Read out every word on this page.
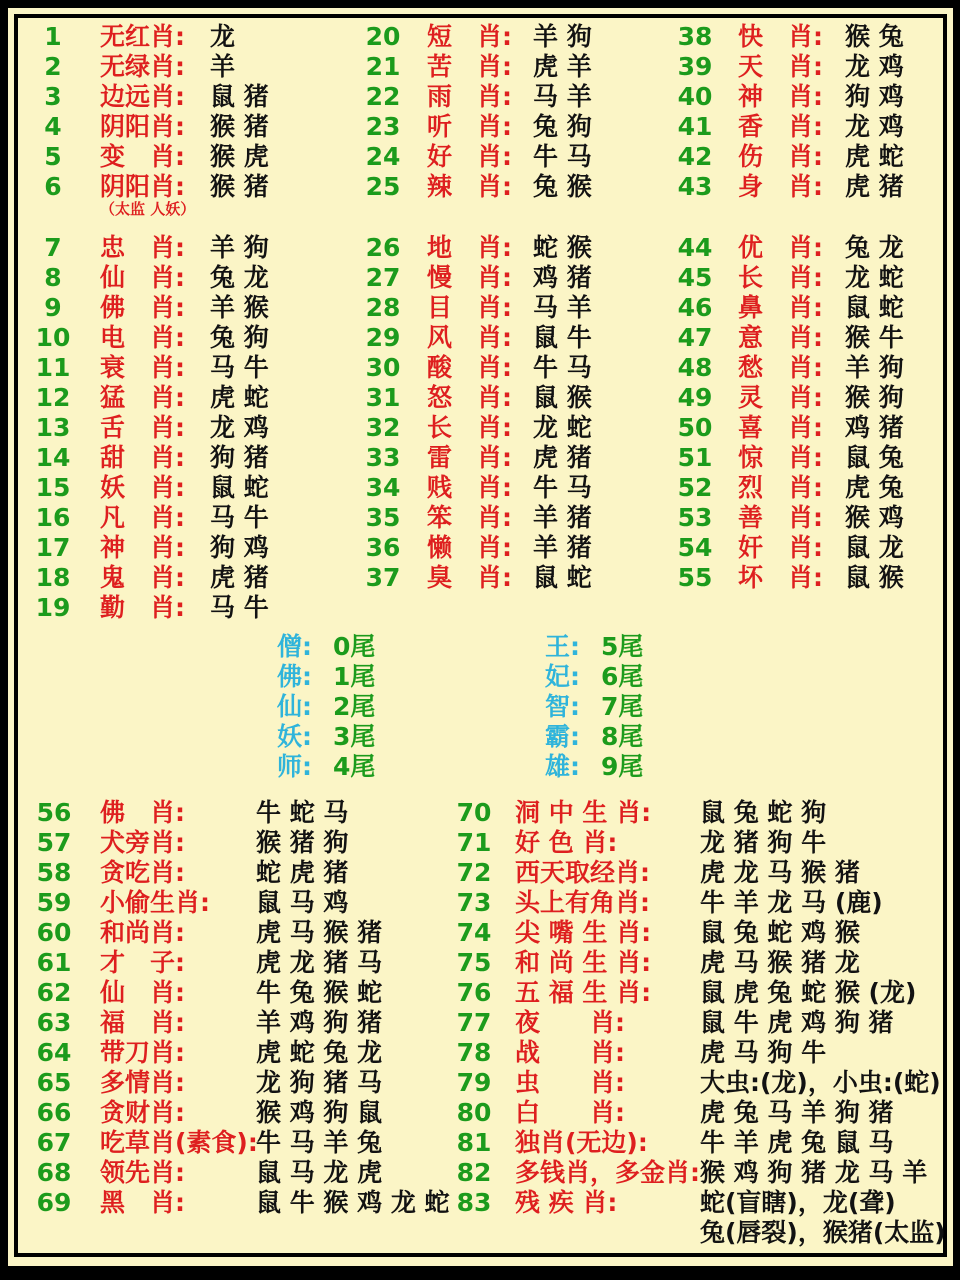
1	无红肖: 龙
2	无绿肖: 羊
3	边远肖: 鼠 猪
4	阴阳肖: 猴 猪
5	变　肖: 猴 虎
6	阴阳肖: 猴 猪
（太监 人妖）
7	忠　肖: 羊 狗
8	仙　肖: 兔 龙
9	佛　肖: 羊 猴
10 电　肖: 兔 狗
11 衰　肖: 马 牛
12 猛　肖: 虎 蛇
13 舌　肖: 龙 鸡
14 甜　肖: 狗 猪
15 妖　肖: 鼠 蛇
16 凡　肖: 马 牛
17 神　肖: 狗 鸡
18 鬼　肖: 虎 猪
19 勤　肖: 马 牛
20 短　肖: 羊 狗
21 苦　肖: 虎 羊
22 雨　肖: 马 羊
23 听　肖: 兔 狗
24 好　肖: 牛 马
25 辣　肖: 兔 猴
26 地　肖: 蛇 猴
27 慢　肖: 鸡 猪
28 目　肖: 马 羊
29 风　肖: 鼠 牛
30 酸　肖: 牛 马
31 怒　肖: 鼠 猴
32 长　肖: 龙 蛇
33 雷　肖: 虎 猪
34 贱　肖: 牛 马
35 笨　肖: 羊 猪
36 懒　肖: 羊 猪
37 臭　肖: 鼠 蛇
38 快　肖: 猴 兔
39 天　肖: 龙 鸡
40 神　肖: 狗 鸡
41 香　肖: 龙 鸡
42 伤　肖: 虎 蛇
43 身　肖: 虎 猪
44 优　肖: 兔 龙
45 长　肖: 龙 蛇
46 鼻　肖: 鼠 蛇
47 意　肖: 猴 牛
48 愁　肖: 羊 狗
49 灵　肖: 猴 狗
50 喜　肖: 鸡 猪
51 惊　肖: 鼠 兔
52 烈　肖: 虎 兔
53 善　肖: 猴 鸡
54 奸　肖: 鼠 龙
55 坏　肖: 鼠 猴
僧: 0尾
佛: 1尾
仙: 2尾
妖: 3尾
师: 4尾
王: 5尾
妃: 6尾
智: 7尾
霸: 8尾
雄: 9尾
56 佛　肖:	牛 蛇 马
57 犬旁肖:	猴 猪 狗
58 贪吃肖:	蛇 虎 猪
59 小偷生肖: 鼠 马 鸡
60 和尚肖:	虎 马 猴 猪
61 才　子:	虎 龙 猪 马
62 仙　肖:	牛 兔 猴 蛇
63 福　肖:	羊 鸡 狗 猪
64 带刀肖:	虎 蛇 兔 龙
65 多情肖:	龙 狗 猪 马
66 贪财肖:	猴 鸡 狗 鼠
67 吃草肖(素食):
牛 马 羊 兔
68 领先肖:	鼠 马 龙 虎
69 黑　肖:	鼠 牛 猴 鸡 龙 蛇
70 洞 中 生 肖: 鼠 兔 蛇 狗
71 好 色 肖:	龙 猪 狗 牛
72 西天取经肖: 虎 龙 马 猴 猪
73 头上有角肖: 牛 羊 龙 马 (鹿)
74 尖 嘴 生 肖: 鼠 兔 蛇 鸡 猴
75 和 尚 生 肖: 虎 马 猴 猪 龙
76 五 福 生 肖: 鼠 虎 兔 蛇 猴 (龙)
77 夜　　肖:	鼠 牛 虎 鸡 狗 猪
78 战　　肖:	虎 马 狗 牛
79 虫　　肖:	大虫:(龙)，小虫:(蛇)
80 白　　肖:	虎 兔 马 羊 狗 猪
81 独肖(无边): 牛 羊 虎 兔 鼠 马
82 多钱肖，多金肖: 猴 鸡 狗 猪 龙 马 羊
83 残 疾 肖:	蛇(盲瞎)，龙(聋)
兔(唇裂)，猴猪(太监)
